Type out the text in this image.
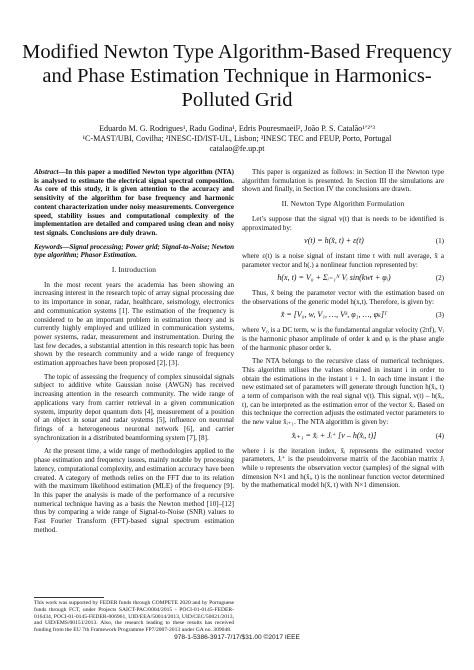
Modified Newton Type Algorithm-Based Frequency and Phase Estimation Technique in Harmonics-Polluted Grid
Eduardo M. G. Rodrigues¹, Radu Godina¹, Edris Pouresmaeil², João P. S. Catalão¹ʼ²ʼ³
¹C-MAST/UBI, Covilha; ²INESC-ID/IST-UL, Lisbon; ³INESC TEC and FEUP, Porto, Portugal
catalao@fe.up.pt

Abstract—In this paper a modified Newton type algorithm (NTA) is analysed to estimate the electrical signal spectral composition. As core of this study, it is given attention to the accuracy and sensitivity of the algorithm for base frequency and harmonic content characterization under noisy measurements. Convergence speed, stability issues and computational complexity of the implementation are detailed and compared using clean and noisy test signals. Conclusions are duly drawn.

Keywords—Signal processing; Power grid; Signal-to-Noise; Newton type algorithm; Phasor Estimation.

I. Introduction

In the most recent years the academia has been showing an increasing interest in the research topic of array signal processing due to its importance in sonar, radar, healthcare, seismology, electronics and communication systems [1]. The estimation of the frequency is considered to be an important problem in estimation theory and is currently highly employed and utilized in communication systems, power systems, radar, measurement and instrumentation. During the last few decades, a substantial attention in this research topic has been shown by the research community and a wide range of frequency estimation approaches have been proposed [2], [3].

The topic of assessing the frequency of complex sinusoidal signals subject to additive white Gaussian noise (AWGN) has received increasing attention in the research community. The wide range of applications vary from carrier retrieval in a given communication system, impurity depot quantum dots [4], measurement of a position of an object in sonar and radar systems [5], influence on neuronal firings of a heterogeneous neuronal network [6], and carrier synchronization in a distributed beamforming system [7], [8].

At the present time, a wide range of methodologies applied to the phase estimation and frequency issues, mainly notable by processing latency, computational complexity, and estimation accuracy have been created. A category of methods relies on the FFT due to its relation with the maximum likelihood estimation (MLE) of the frequency [9]. In this paper the analysis is made of the performance of a recursive numerical technique having as a basis the Newton method [10]–[12] thus by comparing a wide range of Signal-to-Noise (SNR) values to Fast Fourier Transform (FFT)-based signal spectrum estimation method.

This work was supported by FEDER funds through COMPETE 2020 and by Portuguese funds through FCT, under Projects SAICT-PAC/0004/2015 - POCI-01-0145-FEDER-016434, POCI-01-0145-FEDER-006961, UID/EEA/50014/2013, UID/CEC/50021/2013, and UID/EMS/00151/2013. Also, the research leading to these results has received funding from the EU 7th Framework Programme FP7/2007-2013 under GA no. 309048.

This paper is organized as follows: in Section II the Newton type algorithm formulation is presented. In Section III the simulations are shown and finally, in Section IV the conclusions are drawn.

II. Newton Type Algorithm Formulation

Let’s suppose that the signal v(t) that is needs to be identified is approximated by:

v(t) = h(x̂, t) + ε(t)	(1)

where ε(t) is a noise signal of instant time t with null average, x̂ a parameter vector and h(.) a nonlinear function represented by:

h(x, t) = V₀ + Σᵢ₌₁ᴺ Vᵢ sin(kwt + φᵢ)	(2)

Thus, x̂ being the parameter vector with the estimation based on the observations of the generic model h(x,t). Therefore, is given by:

x̂ = [V₀, w, V₁, …, Vᵏ, φ₁, …, φₖ]ᵀ	(3)

where V₀ is a DC term, w is the fundamental angular velocity (2πf), Vᵢ is the harmonic phasor amplitude of order k and φᵢ is the phase angle of the harmonic phasor order k.

The NTA belongs to the recursive class of numerical techniques. This algorithm utilises the values obtained in instant i in order to obtain the estimations in the instant i + 1. In each time instant i the new estimated set of parameters will generate through function h(x̂ᵢ, t) a term of comparison with the real signal v(t). This signal, v(t) – h(x̂ᵢ, t), can be interpreted as the estimation error of the vector x̂ᵢ. Based on this technique the correction adjusts the estimated vector parameters to the new value x̂ᵢ₊₁. The NTA algorithm is given by:

x̂ᵢ₊₁ = x̂ᵢ + Jᵢ⁺ [v – h(x̂ᵢ, t)]	(4)

where i is the iteration index, x̂ᵢ represents the estimated vector parameters, Jᵢ⁺ is the pseudoinverse matrix of the Jacobian matrix Jᵢ while υ represents the observation vector (samples) of the signal with dimension N×1 and h(x̂ᵢ, t) is the nonlinear function vector determined by the mathematical model h(x̂, t) with N×1 dimension.

978-1-5386-3917-7/17/$31.00 ©2017 IEEE
